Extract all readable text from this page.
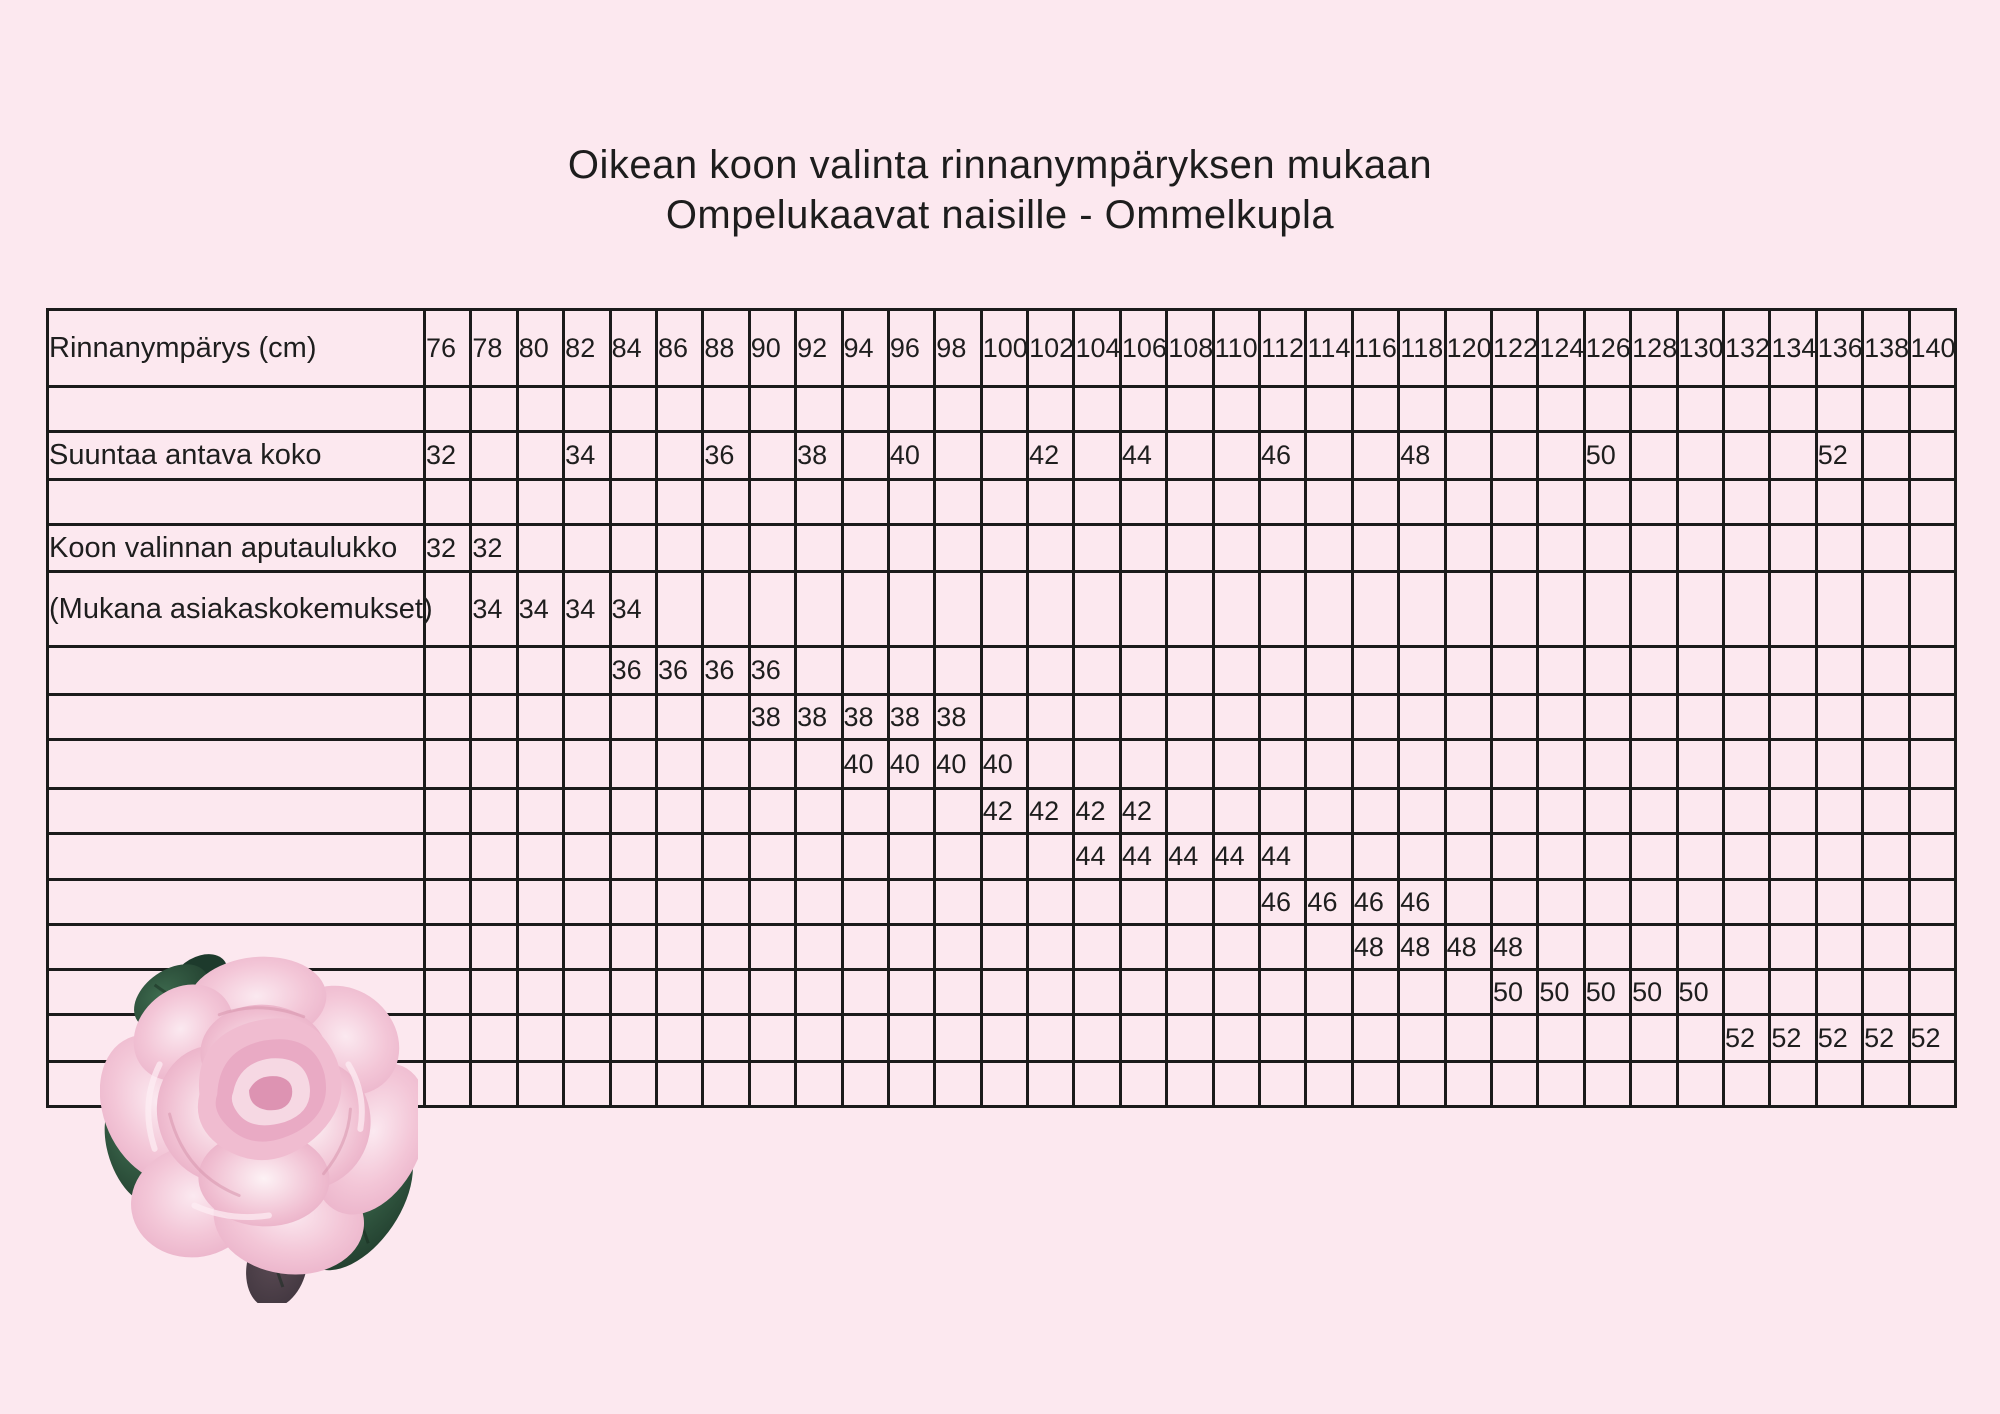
Oikean koon valinta rinnanympäryksen mukaan
Ompelukaavat naisille - Ommelkupla
Rinnanympärys (cm)	76	78	80	82	84	86	88	90	92	94	96	98	100	102	104	106	108	110	112	114	116	118	120	122	124	126	128	130	132	134	136	138	140

Suuntaa antava koko	32			34			36		38		40			42		44			46			48				50					52		

Koon valinnan aputaulukko	32	32																															
(Mukana asiakaskokemukset)		34	34	34	34																												
					36	36	36	36																									
								38	38	38	38	38																					
										40	40	40	40																				
													42	42	42	42																	
															44	44	44	44	44														
																			46	46	46	46											
																					48	48	48	48									
																								50	50	50	50	50					
																													52	52	52	52	52
